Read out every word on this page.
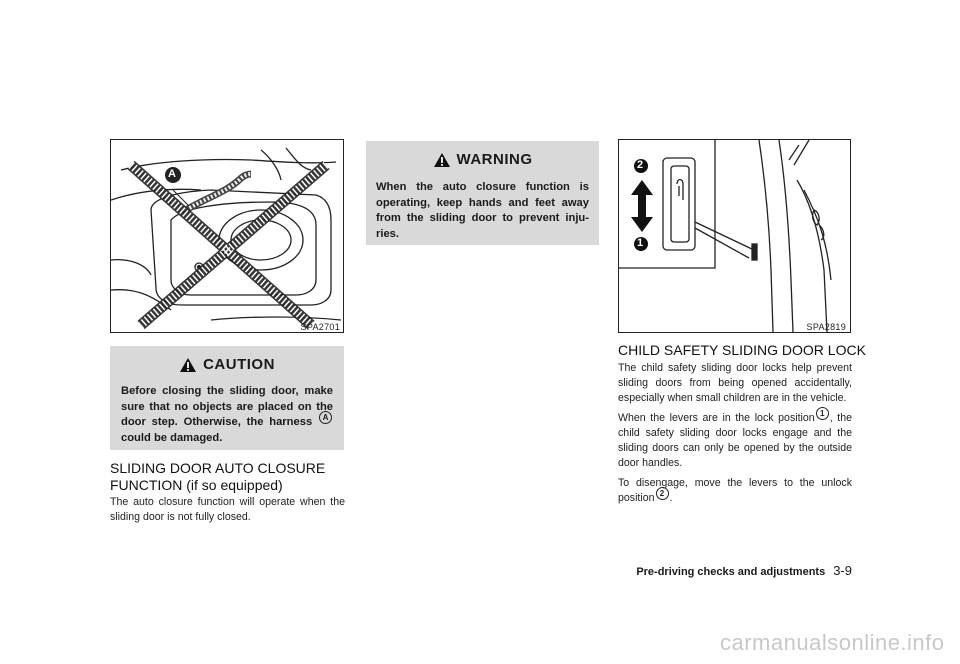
A
SPA2701
CAUTION
Before closing the sliding door, make sure that no objects are placed on the door step. Otherwise, the harness A could be damaged.
SLIDING DOOR AUTO CLOSURE
FUNCTION (if so equipped)
The auto closure function will operate when the sliding door is not fully closed.
WARNING
When the auto closure function is operating, keep hands and feet away from the sliding door to prevent inju-ries.
2
1
SPA2819
CHILD SAFETY SLIDING DOOR LOCK

The child safety sliding door locks help prevent sliding doors from being opened accidentally, especially when small children are in the vehicle.

When the levers are in the lock position 1 , the child safety sliding door locks engage and the sliding doors can only be opened by the outside door handles.

To disengage, move the levers to the unlock position 2 .

Pre-driving checks and adjustments 3-9
carmanualsonline.info
